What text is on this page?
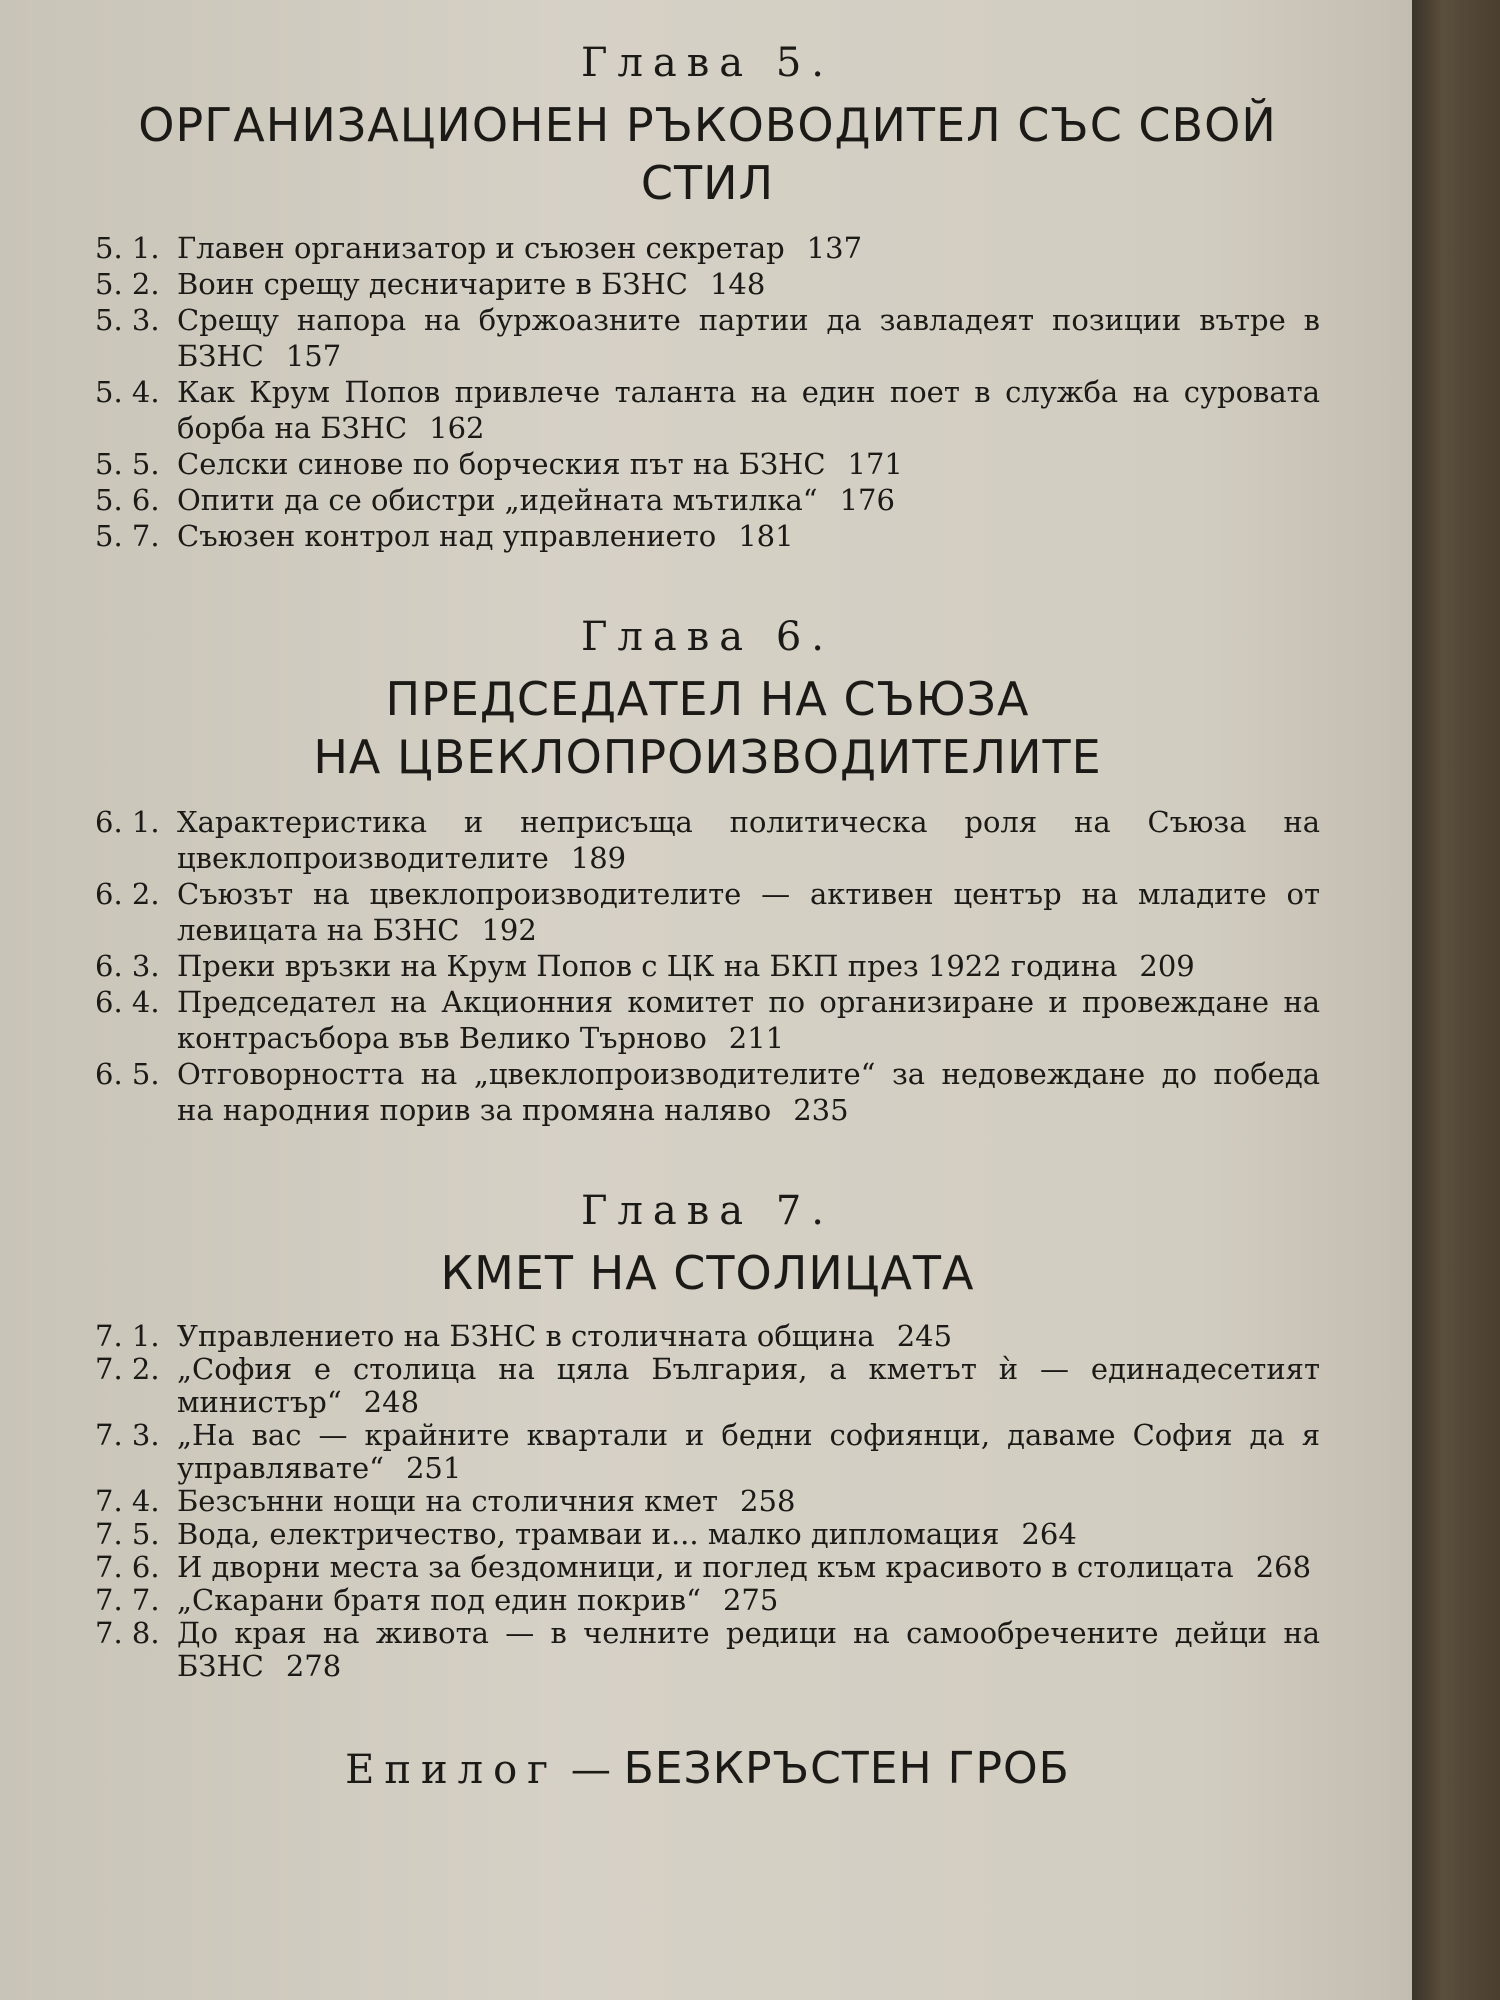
Глава 5.
ОРГАНИЗАЦИОНЕН РЪКОВОДИТЕЛ СЪС СВОЙ СТИЛ
5. 1. Главен организатор и съюзен секретар 137
5. 2. Воин срещу десничарите в БЗНС 148
5. 3. Срещу напора на буржоазните партии да завладеят позиции вътре в БЗНС 157
5. 4. Как Крум Попов привлече таланта на един поет в служба на суровата борба на БЗНС 162
5. 5. Селски синове по борческия път на БЗНС 171
5. 6. Опити да се обистри „идейната мътилка“ 176
5. 7. Съюзен контрол над управлението 181
Глава 6.
ПРЕДСЕДАТЕЛ НА СЪЮЗА
НА ЦВЕКЛОПРОИЗВОДИТЕЛИТЕ
6. 1. Характеристика и неприсъща политическа роля на Съюза на цвеклопроизводителите 189
6. 2. Съюзът на цвеклопроизводителите — активен център на младите от левицата на БЗНС 192
6. 3. Преки връзки на Крум Попов с ЦК на БКП през 1922 година 209
6. 4. Председател на Акционния комитет по организиране и провеждане на контрасъбора във Велико Търново 211
6. 5. Отговорността на „цвеклопроизводителите“ за недовеждане до победа на народния порив за промяна наляво 235
Глава 7.
КМЕТ НА СТОЛИЦАТА
7. 1. Управлението на БЗНС в столичната община 245
7. 2. „София е столица на цяла България, а кметът ѝ — единадесетият министър“ 248
7. 3. „На вас — крайните квартали и бедни софиянци, даваме София да я управлявате“ 251
7. 4. Безсънни нощи на столичния кмет 258
7. 5. Вода, електричество, трамваи и... малко дипломация 264
7. 6. И дворни места за бездомници, и поглед към красивото в столицата 268
7. 7. „Скарани братя под един покрив“ 275
7. 8. До края на живота — в челните редици на самообречените дейци на БЗНС 278
Епилог — БЕЗКРЪСТЕН ГРОБ
